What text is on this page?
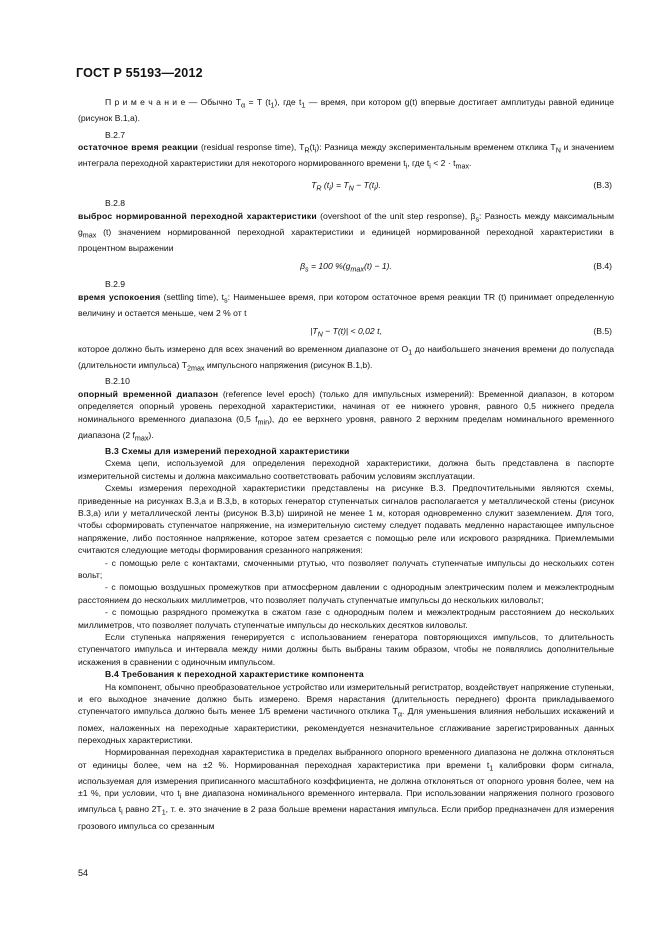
ГОСТ Р 55193—2012

П р и м е ч а н и е — Обычно $T_\alpha = T$ $(t_1)$, где $t_1$ — время, при котором g(t) впервые достигает амплитуды равной единице (рисунок В.1,а).

В.2.7

остаточное время реакции (residual response time), $T_R(t_i)$: Разница между экспериментальным временем отклика $T_N$ и значением интеграла переходной характеристики для некоторого нормированного времени $t_i$, где $t_i < 2 \cdot t_{max}$.

$T_R$ $(t_i) = T_N - T(t_i)$.	(В.3)

В.2.8

выброс нормированной переходной характеристики (overshoot of the unit step response), $\beta_s$: Разность между максимальным $g_{max}$ (t) значением нормированной переходной характеристики и единицей нормированной переходной характеристики в процентном выражении

$\beta_s = 100$ $\%(g_{max}(t) - 1)$.	(В.4)

В.2.9

время успокоения (settling time), $t_s$: Наименьшее время, при котором остаточное время реакции TR (t) принимает определенную величину и остается меньше, чем 2 % от t

$|T_N - T(t)| < 0,02$ t,	(В.5)

которое должно быть измерено для всех значений во временном диапазоне от $O_1$ до наибольшего значения времени до полуспада (длительности импульса) $T_{2max}$ импульсного напряжения (рисунок В.1,b).

В.2.10

опорный временной диапазон (reference level epoch) (только для импульсных измерений): Временной диапазон, в котором определяется опорный уровень переходной характеристики, начиная от ее нижнего уровня, равного 0,5 нижнего предела номинального временного диапазона (0,5 $f_{min}$), до ее верхнего уровня, равного 2 верхним пределам номинального временного диапазона (2 $f_{max}$).

В.3 Схемы для измерений переходной характеристики

Схема цепи, используемой для определения переходной характеристики, должна быть представлена в паспорте измерительной системы и должна максимально соответствовать рабочим условиям эксплуатации.

Схемы измерения переходной характеристики представлены на рисунке В.3. Предпочтительными являются схемы, приведенные на рисунках В.3,а и В.3,b, в которых генератор ступенчатых сигналов располагается у металлической стены (рисунок В.3,а) или у металлической ленты (рисунок В.3,b) шириной не менее 1 м, которая одновременно служит заземлением. Для того, чтобы сформировать ступенчатое напряжение, на измерительную систему следует подавать медленно нарастающее импульсное напряжение, либо постоянное напряжение, которое затем срезается с помощью реле или искрового разрядника. Приемлемыми считаются следующие методы формирования срезанного напряжения:

- с помощью реле с контактами, смоченными ртутью, что позволяет получать ступенчатые импульсы до нескольких сотен вольт;

- с помощью воздушных промежутков при атмосферном давлении с однородным электрическим полем и межэлектродным расстоянием до нескольких миллиметров, что позволяет получать ступенчатые импульсы до нескольких киловольт;

- с помощью разрядного промежутка в сжатом газе с однородным полем и межэлектродным расстоянием до нескольких миллиметров, что позволяет получать ступенчатые импульсы до нескольких десятков киловольт.

Если ступенька напряжения генерируется с использованием генератора повторяющихся импульсов, то длительность ступенчатого импульса и интервала между ними должны быть выбраны таким образом, чтобы не появлялись дополнительные искажения в сравнении с одиночным импульсом.

В.4 Требования к переходной характеристике компонента

На компонент, обычно преобразовательное устройство или измерительный регистратор, воздействует напряжение ступеньки, и его выходное значение должно быть измерено. Время нарастания (длительность переднего) фронта прикладываемого ступенчатого импульса должно быть менее 1/5 времени частичного отклика $T_\alpha$. Для уменьшения влияния небольших искажений и помех, наложенных на переходные характеристики, рекомендуется незначительное сглаживание зарегистрированных данных переходных характеристики.

Нормированная переходная характеристика в пределах выбранного опорного временного диапазона не должна отклоняться от единицы более, чем на ±2 %. Нормированная переходная характеристика при времени $t_1$ калибровки форм сигнала, используемая для измерения приписанного масштабного коэффициента, не должна отклоняться от опорного уровня более, чем на ±1 %, при условии, что $t_i$ вне диапазона номинального временного интервала. При использовании напряжения полного грозового импульса $t_i$ равно $2T_1$, т. е. это значение в 2 раза больше времени нарастания импульса. Если прибор предназначен для измерения грозового импульса со срезанным

54
